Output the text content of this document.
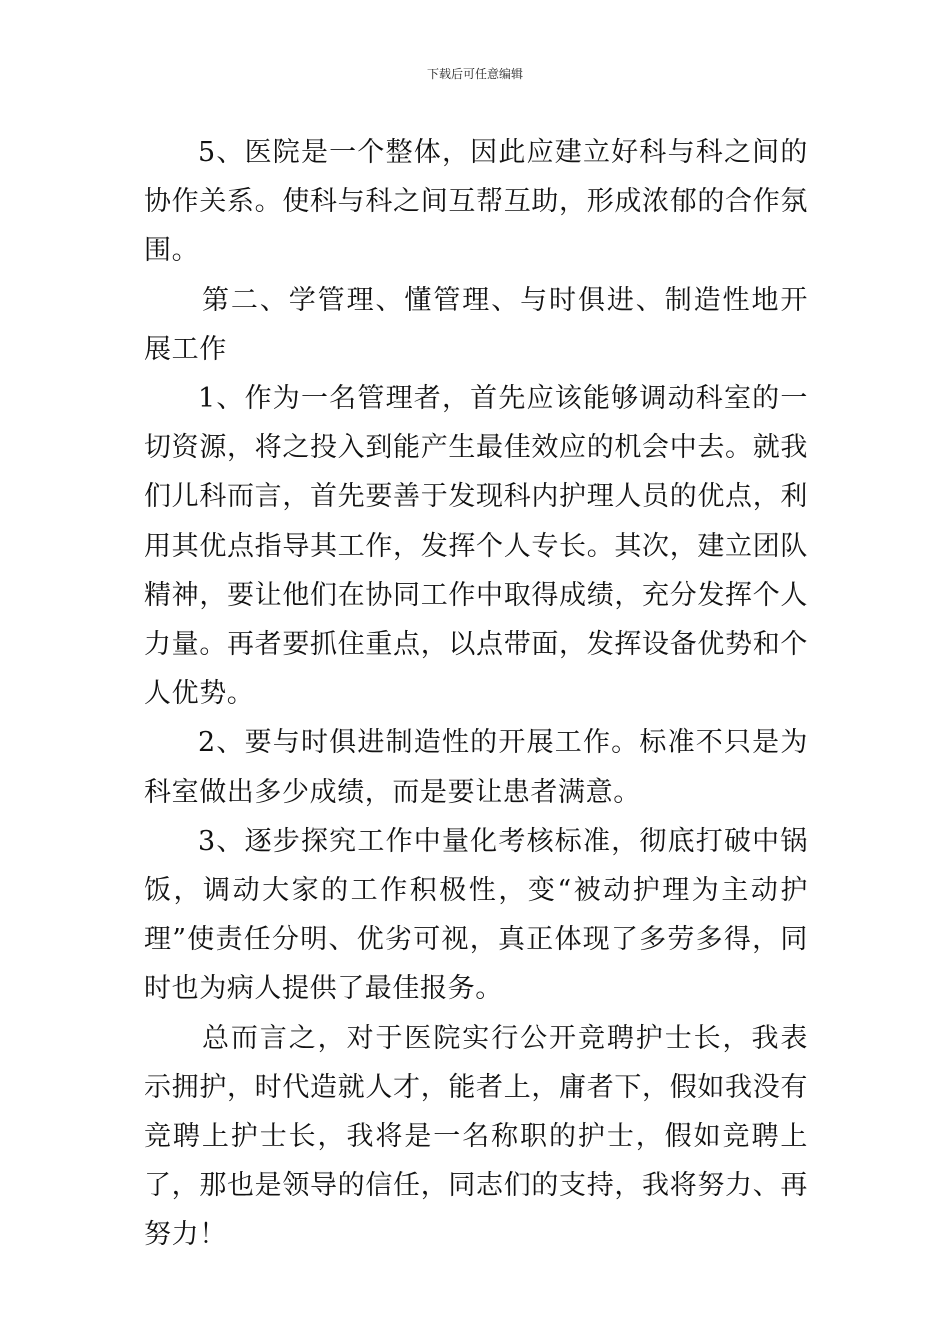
下载后可任意编辑

5、医院是一个整体，因此应建立好科与科之间的协作关系。使科与科之间互帮互助，形成浓郁的合作氛围。

第二、学管理、懂管理、与时俱进、制造性地开展工作

1、作为一名管理者，首先应该能够调动科室的一切资源，将之投入到能产生最佳效应的机会中去。就我们儿科而言，首先要善于发现科内护理人员的优点，利用其优点指导其工作，发挥个人专长。其次，建立团队精神，要让他们在协同工作中取得成绩，充分发挥个人力量。再者要抓住重点，以点带面，发挥设备优势和个人优势。

2、要与时俱进制造性的开展工作。标准不只是为科室做出多少成绩，而是要让患者满意。

3、逐步探究工作中量化考核标准，彻底打破中锅饭，调动大家的工作积极性，变“被动护理为主动护理”使责任分明、优劣可视，真正体现了多劳多得，同时也为病人提供了最佳报务。

总而言之，对于医院实行公开竞聘护士长，我表示拥护，时代造就人才，能者上，庸者下，假如我没有竞聘上护士长，我将是一名称职的护士，假如竞聘上了，那也是领导的信任，同志们的支持，我将努力、再努力！
